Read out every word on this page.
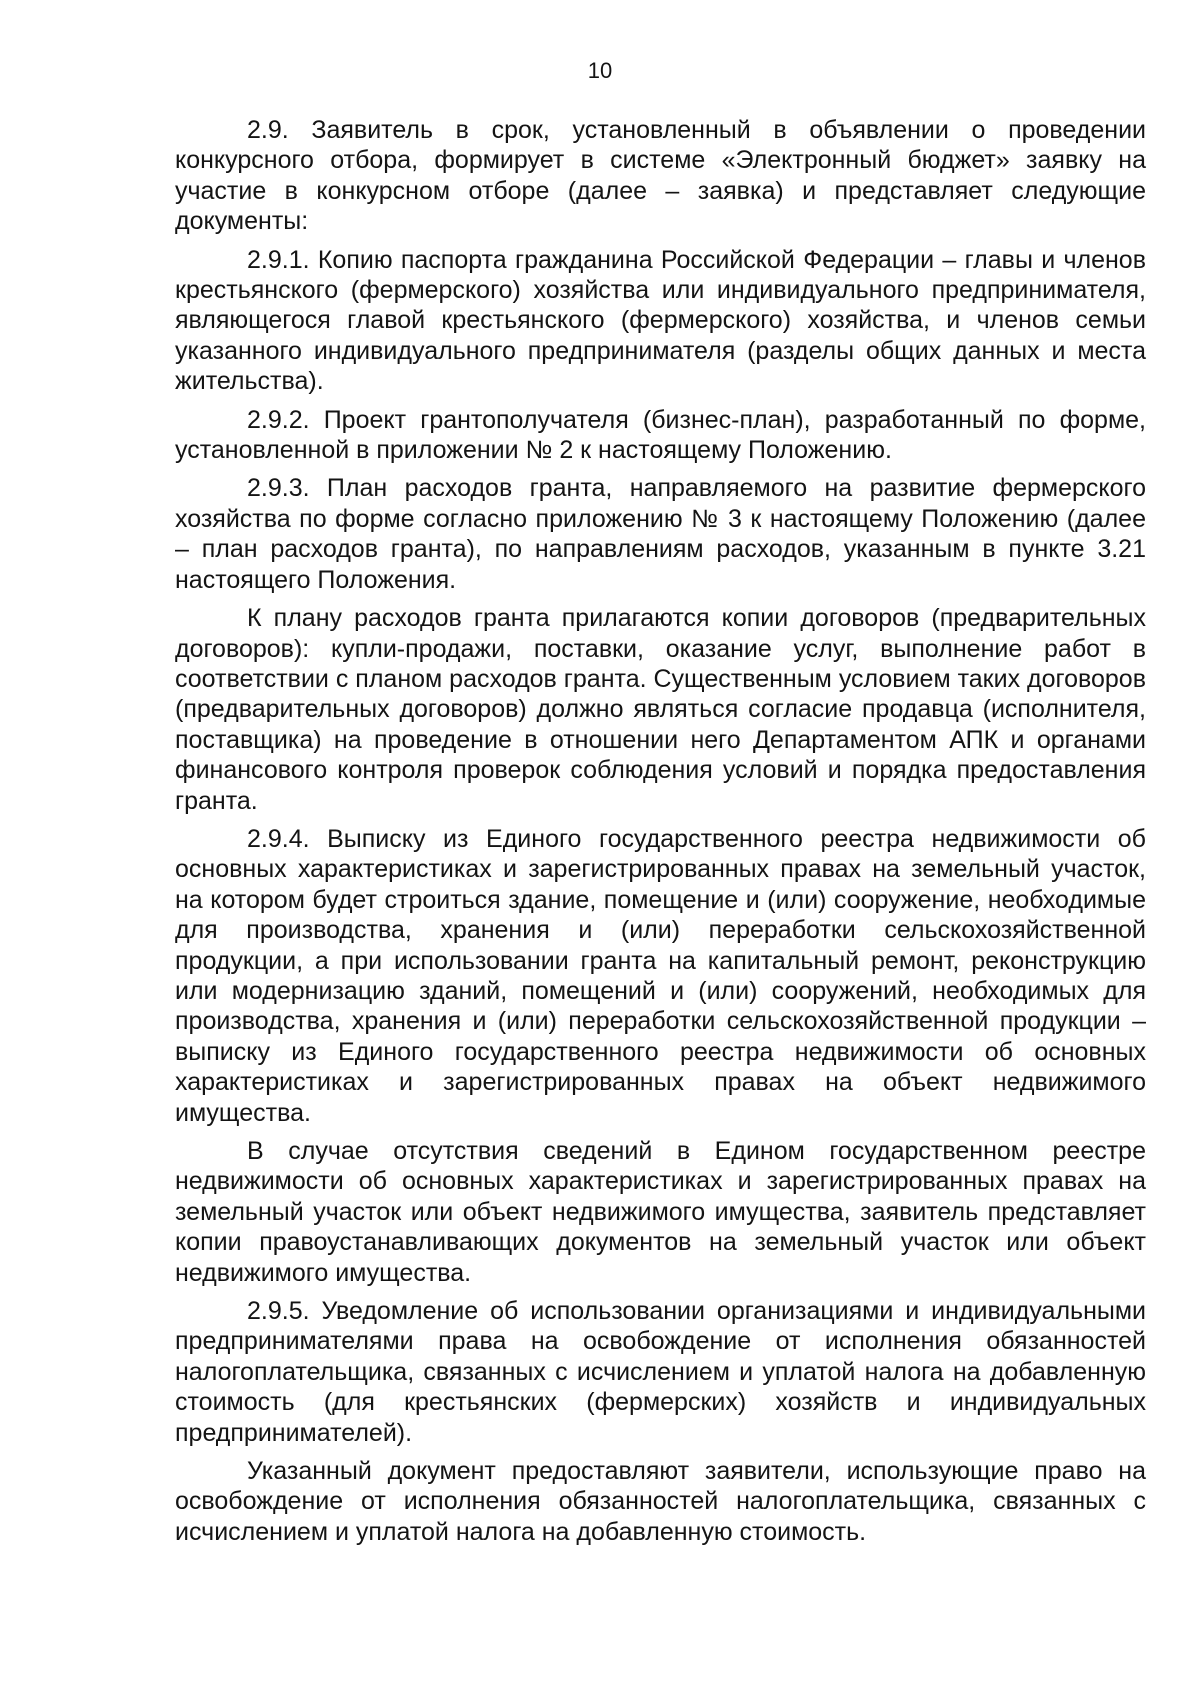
10

2.9. Заявитель в срок, установленный в объявлении о проведении конкурсного отбора, формирует в системе «Электронный бюджет» заявку на участие в конкурсном отборе (далее – заявка) и представляет следующие документы:

2.9.1. Копию паспорта гражданина Российской Федерации – главы и членов крестьянского (фермерского) хозяйства или индивидуального предпринимателя, являющегося главой крестьянского (фермерского) хозяйства, и членов семьи указанного индивидуального предпринимателя (разделы общих данных и места жительства).

2.9.2. Проект грантополучателя (бизнес-план), разработанный по форме, установленной в приложении № 2 к настоящему Положению.

2.9.3. План расходов гранта, направляемого на развитие фермерского хозяйства по форме согласно приложению № 3 к настоящему Положению (далее – план расходов гранта), по направлениям расходов, указанным в пункте 3.21 настоящего Положения.

К плану расходов гранта прилагаются копии договоров (предварительных договоров): купли-продажи, поставки, оказание услуг, выполнение работ в соответствии с планом расходов гранта. Существенным условием таких договоров (предварительных договоров) должно являться согласие продавца (исполнителя, поставщика) на проведение в отношении него Департаментом АПК и органами финансового контроля проверок соблюдения условий и порядка предоставления гранта.

2.9.4. Выписку из Единого государственного реестра недвижимости об основных характеристиках и зарегистрированных правах на земельный участок, на котором будет строиться здание, помещение и (или) сооружение, необходимые для производства, хранения и (или) переработки сельскохозяйственной продукции, а при использовании гранта на капитальный ремонт, реконструкцию или модернизацию зданий, помещений и (или) сооружений, необходимых для производства, хранения и (или) переработки сельскохозяйственной продукции – выписку из Единого государственного реестра недвижимости об основных характеристиках и зарегистрированных правах на объект недвижимого имущества.

В случае отсутствия сведений в Едином государственном реестре недвижимости об основных характеристиках и зарегистрированных правах на земельный участок или объект недвижимого имущества, заявитель представляет копии правоустанавливающих документов на земельный участок или объект недвижимого имущества.

2.9.5. Уведомление об использовании организациями и индивидуальными предпринимателями права на освобождение от исполнения обязанностей налогоплательщика, связанных с исчислением и уплатой налога на добавленную стоимость (для крестьянских (фермерских) хозяйств и индивидуальных предпринимателей).

Указанный документ предоставляют заявители, использующие право на освобождение от исполнения обязанностей налогоплательщика, связанных с исчислением и уплатой налога на добавленную стоимость.
